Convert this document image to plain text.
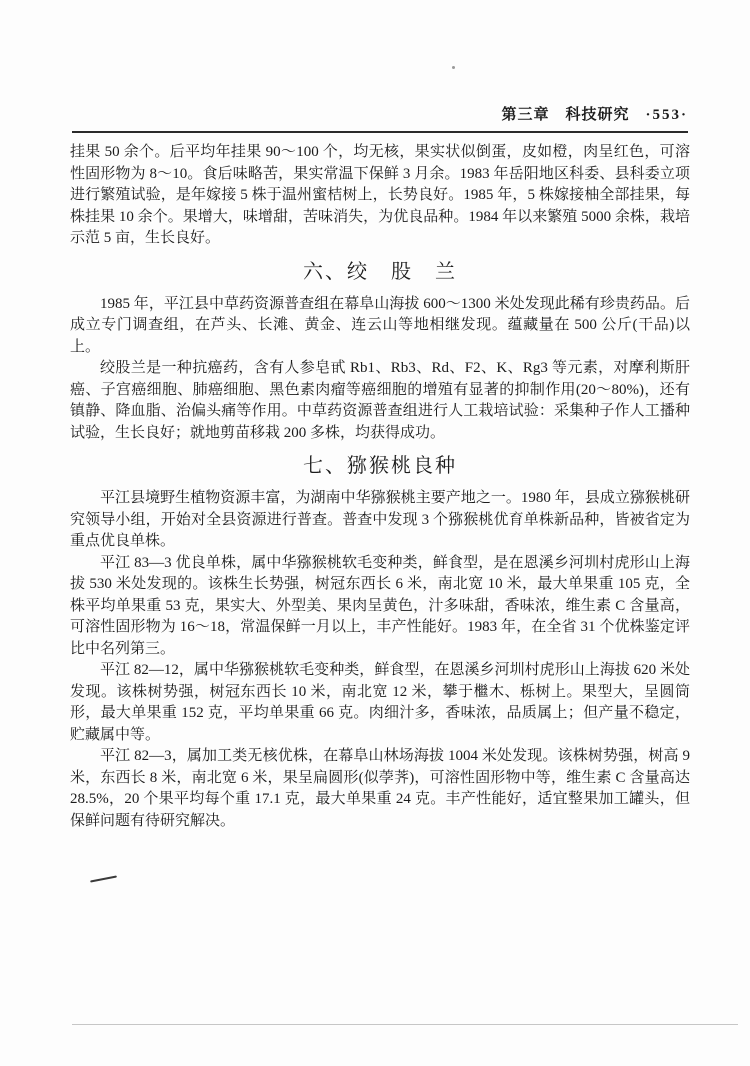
第三章　科技研究 ·553·

挂果 50 余个。后平均年挂果 90～100 个，均无核，果实状似倒蛋，皮如橙，肉呈红色，可溶性固形物为 8～10。食后味略苦，果实常温下保鲜 3 月余。1983 年岳阳地区科委、县科委立项进行繁殖试验，是年嫁接 5 株于温州蜜桔树上，长势良好。1985 年，5 株嫁接柚全部挂果，每株挂果 10 余个。果增大，味增甜，苦味消失，为优良品种。1984 年以来繁殖 5000 余株，栽培示范 5 亩，生长良好。

六、绞　股　兰

1985 年，平江县中草药资源普查组在幕阜山海拔 600～1300 米处发现此稀有珍贵药品。后成立专门调查组，在芦头、长滩、黄金、连云山等地相继发现。蕴藏量在 500 公斤(干品)以上。

绞股兰是一种抗癌药，含有人参皂甙 Rb1、Rb3、Rd、F2、K、Rg3 等元素，对摩利斯肝癌、子宫癌细胞、肺癌细胞、黑色素肉瘤等癌细胞的增殖有显著的抑制作用(20～80%)，还有镇静、降血脂、治偏头痛等作用。中草药资源普查组进行人工栽培试验：采集种子作人工播种试验，生长良好；就地剪苗移栽 200 多株，均获得成功。

七、猕猴桃良种

平江县境野生植物资源丰富，为湖南中华猕猴桃主要产地之一。1980 年，县成立猕猴桃研究领导小组，开始对全县资源进行普查。普查中发现 3 个猕猴桃优育单株新品种，皆被省定为重点优良单株。

平江 83—3 优良单株，属中华猕猴桃软毛变种类，鲜食型，是在恩溪乡河圳村虎形山上海拔 530 米处发现的。该株生长势强，树冠东西长 6 米，南北宽 10 米，最大单果重 105 克，全株平均单果重 53 克，果实大、外型美、果肉呈黄色，汁多味甜，香味浓，维生素 C 含量高，可溶性固形物为 16～18，常温保鲜一月以上，丰产性能好。1983 年，在全省 31 个优株鉴定评比中名列第三。

平江 82—12，属中华猕猴桃软毛变种类，鲜食型，在恩溪乡河圳村虎形山上海拔 620 米处发现。该株树势强，树冠东西长 10 米，南北宽 12 米，攀于檵木、栎树上。果型大，呈圆筒形，最大单果重 152 克，平均单果重 66 克。肉细汁多，香味浓，品质属上；但产量不稳定，贮藏属中等。

平江 82—3，属加工类无核优株，在幕阜山林场海拔 1004 米处发现。该株树势强，树高 9 米，东西长 8 米，南北宽 6 米，果呈扁圆形(似荸荠)，可溶性固形物中等，维生素 C 含量高达 28.5%，20 个果平均每个重 17.1 克，最大单果重 24 克。丰产性能好，适宜整果加工罐头，但保鲜问题有待研究解决。
